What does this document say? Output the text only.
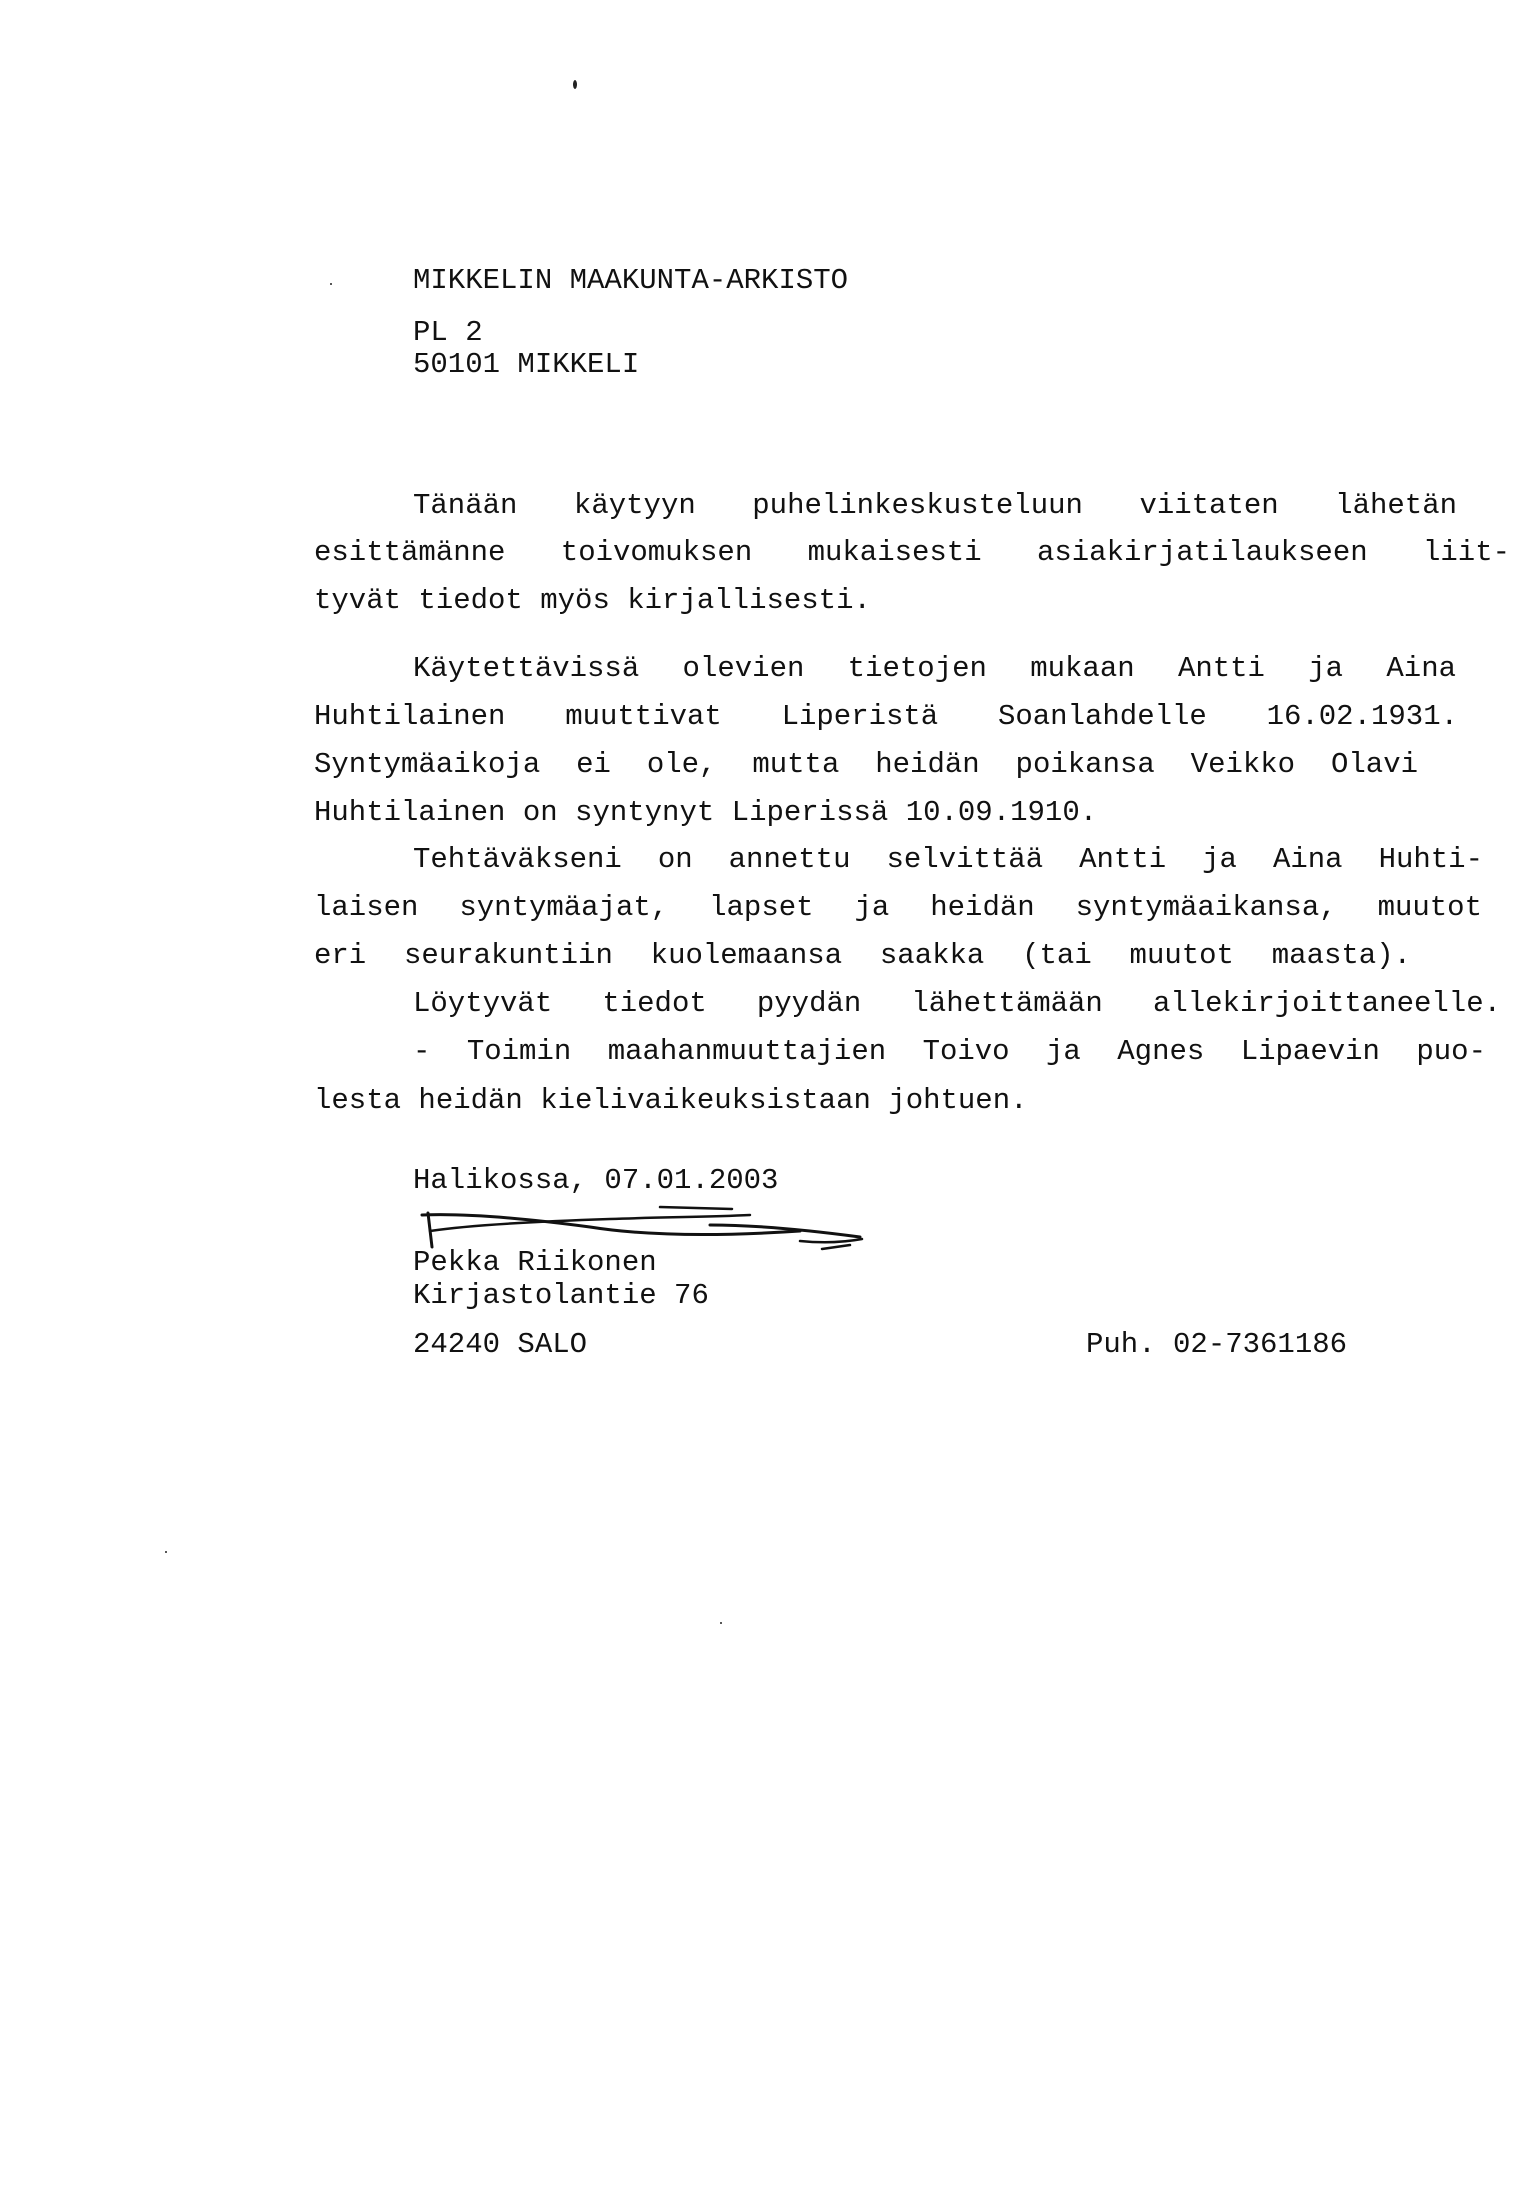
MIKKELIN MAAKUNTA-ARKISTO
PL 2
50101 MIKKELI
Tänään käytyyn puhelinkeskusteluun viitaten lähetän
esittämänne toivomuksen mukaisesti asiakirjatilaukseen liit-
tyvät tiedot myös kirjallisesti.
Käytettävissä olevien tietojen mukaan Antti ja Aina
Huhtilainen muuttivat Liperistä Soanlahdelle 16.02.1931.
Syntymäaikoja ei ole, mutta heidän poikansa Veikko Olavi
Huhtilainen on syntynyt Liperissä 10.09.1910.
Tehtäväkseni on annettu selvittää Antti ja Aina Huhti-
laisen syntymäajat, lapset ja heidän syntymäaikansa, muutot
eri seurakuntiin kuolemaansa saakka (tai muutot maasta).
Löytyvät tiedot pyydän lähettämään allekirjoittaneelle.
- Toimin maahanmuuttajien Toivo ja Agnes Lipaevin puo-
lesta heidän kielivaikeuksistaan johtuen.
Halikossa, 07.01.2003
Pekka Riikonen
Kirjastolantie 76
24240 SALO	Puh. 02-7361186
